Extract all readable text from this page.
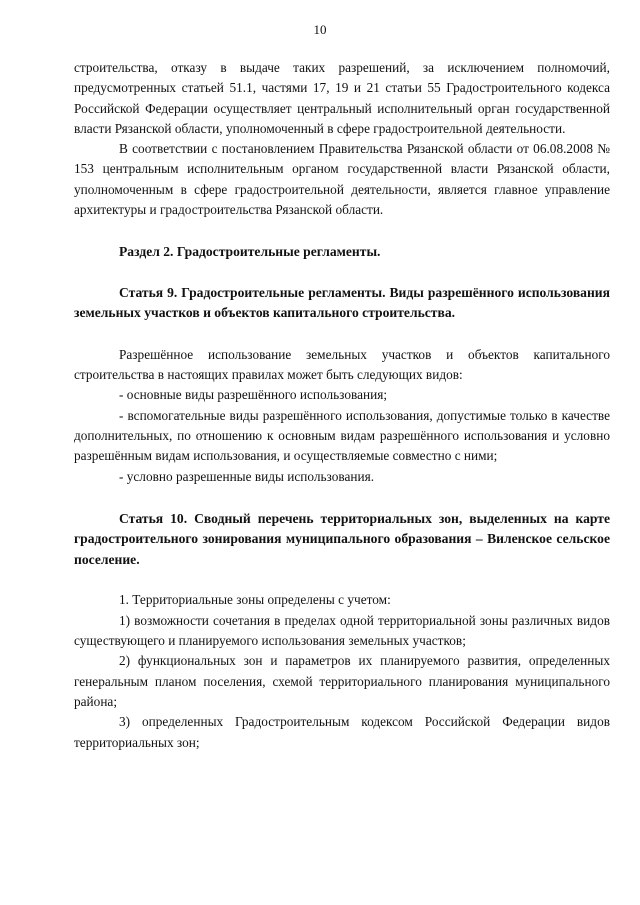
10

строительства, отказу в выдаче таких разрешений, за исключением полномочий, предусмотренных статьей 51.1, частями 17, 19 и 21 статьи 55 Градостроительного кодекса Российской Федерации осуществляет центральный исполнительный орган государственной власти Рязанской области, уполномоченный в сфере градостроительной деятельности.

В соответствии с постановлением Правительства Рязанской области от 06.08.2008 № 153 центральным исполнительным органом государственной власти Рязанской области, уполномоченным в сфере градостроительной деятельности, является главное управление архитектуры и градостроительства Рязанской области.

Раздел 2. Градостроительные регламенты.

Статья 9. Градостроительные регламенты. Виды разрешённого использования земельных участков и объектов капитального строительства.

Разрешённое использование земельных участков и объектов капитального строительства в настоящих правилах может быть следующих видов:

- основные виды разрешённого использования;

- вспомогательные виды разрешённого использования, допустимые только в качестве дополнительных, по отношению к основным видам разрешённого использования и условно разрешённым видам использования, и осуществляемые совместно с ними;

- условно разрешенные виды использования.

Статья 10. Сводный перечень территориальных зон, выделенных на карте градостроительного зонирования муниципального образования – Виленское сельское поселение.

1. Территориальные зоны определены с учетом:

1) возможности сочетания в пределах одной территориальной зоны различных видов существующего и планируемого использования земельных участков;

2) функциональных зон и параметров их планируемого развития, определенных генеральным планом поселения, схемой территориального планирования муниципального района;

3) определенных Градостроительным кодексом Российской Федерации видов территориальных зон;
